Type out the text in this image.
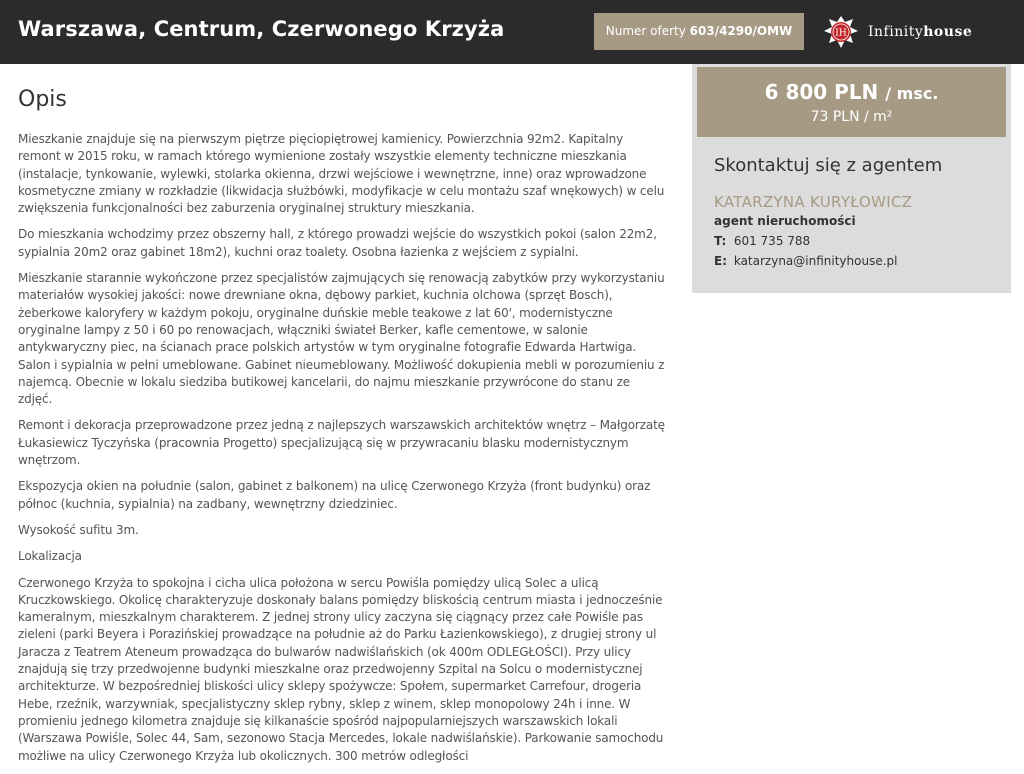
Warszawa, Centrum, Czerwonego Krzyża	Numer oferty 603/4290/OMW	IH Infinityhouse
Opis

Mieszkanie znajduje się na pierwszym piętrze pięciopiętrowej kamienicy. Powierzchnia 92m2. Kapitalny remont w 2015 roku, w ramach którego wymienione zostały wszystkie elementy techniczne mieszkania (instalacje, tynkowanie, wylewki, stolarka okienna, drzwi wejściowe i wewnętrzne, inne) oraz wprowadzone kosmetyczne zmiany w rozkładzie (likwidacja służbówki, modyfikacje w celu montażu szaf wnękowych) w celu zwiększenia funkcjonalności bez zaburzenia oryginalnej struktury mieszkania.

Do mieszkania wchodzimy przez obszerny hall, z którego prowadzi wejście do wszystkich pokoi (salon 22m2, sypialnia 20m2 oraz gabinet 18m2), kuchni oraz toalety. Osobna łazienka z wejściem z sypialni.

Mieszkanie starannie wykończone przez specjalistów zajmujących się renowacją zabytków przy wykorzystaniu materiałów wysokiej jakości: nowe drewniane okna, dębowy parkiet, kuchnia olchowa (sprzęt Bosch), żeberkowe kaloryfery w każdym pokoju, oryginalne duńskie meble teakowe z lat 60', modernistyczne oryginalne lampy z 50 i 60 po renowacjach, włączniki świateł Berker, kafle cementowe, w salonie antykwaryczny piec, na ścianach prace polskich artystów w tym oryginalne fotografie Edwarda Hartwiga. Salon i sypialnia w pełni umeblowane. Gabinet nieumeblowany. Możliwość dokupienia mebli w porozumieniu z najemcą. Obecnie w lokalu siedziba butikowej kancelarii, do najmu mieszkanie przywrócone do stanu ze zdjęć.

Remont i dekoracja przeprowadzone przez jedną z najlepszych warszawskich architektów wnętrz – Małgorzatę Łukasiewicz Tyczyńska (pracownia Progetto) specjalizującą się w przywracaniu blasku modernistycznym wnętrzom.

Ekspozycja okien na południe (salon, gabinet z balkonem) na ulicę Czerwonego Krzyża (front budynku) oraz północ (kuchnia, sypialnia) na zadbany, wewnętrzny dziedziniec.

Wysokość sufitu 3m.

Lokalizacja

Czerwonego Krzyża to spokojna i cicha ulica położona w sercu Powiśla pomiędzy ulicą Solec a ulicą Kruczkowskiego. Okolicę charakteryzuje doskonały balans pomiędzy bliskością centrum miasta i jednocześnie kameralnym, mieszkalnym charakterem. Z jednej strony ulicy zaczyna się ciągnący przez całe Powiśle pas zieleni (parki Beyera i Porazińskiej prowadzące na południe aż do Parku Łazienkowskiego), z drugiej strony ul Jaracza z Teatrem Ateneum prowadząca do bulwarów nadwiślańskich (ok 400m ODLEGŁOŚCI). Przy ulicy znajdują się trzy przedwojenne budynki mieszkalne oraz przedwojenny Szpital na Solcu o modernistycznej architekturze. W bezpośredniej bliskości ulicy sklepy spożywcze: Społem, supermarket Carrefour, drogeria Hebe, rzeźnik, warzywniak, specjalistyczny sklep rybny, sklep z winem, sklep monopolowy 24h i inne. W promieniu jednego kilometra znajduje się kilkanaście spośród najpopularniejszych warszawskich lokali (Warszawa Powiśle, Solec 44, Sam, sezonowo Stacja Mercedes, lokale nadwiślańskie). Parkowanie samochodu możliwe na ulicy Czerwonego Krzyża lub okolicznych. 300 metrów odległości

6 800 PLN / msc.
73 PLN / m²
Skontaktuj się z agentem
KATARZYNA KURYŁOWICZ
agent nieruchomości
T: 601 735 788
E: katarzyna@infinityhouse.pl
